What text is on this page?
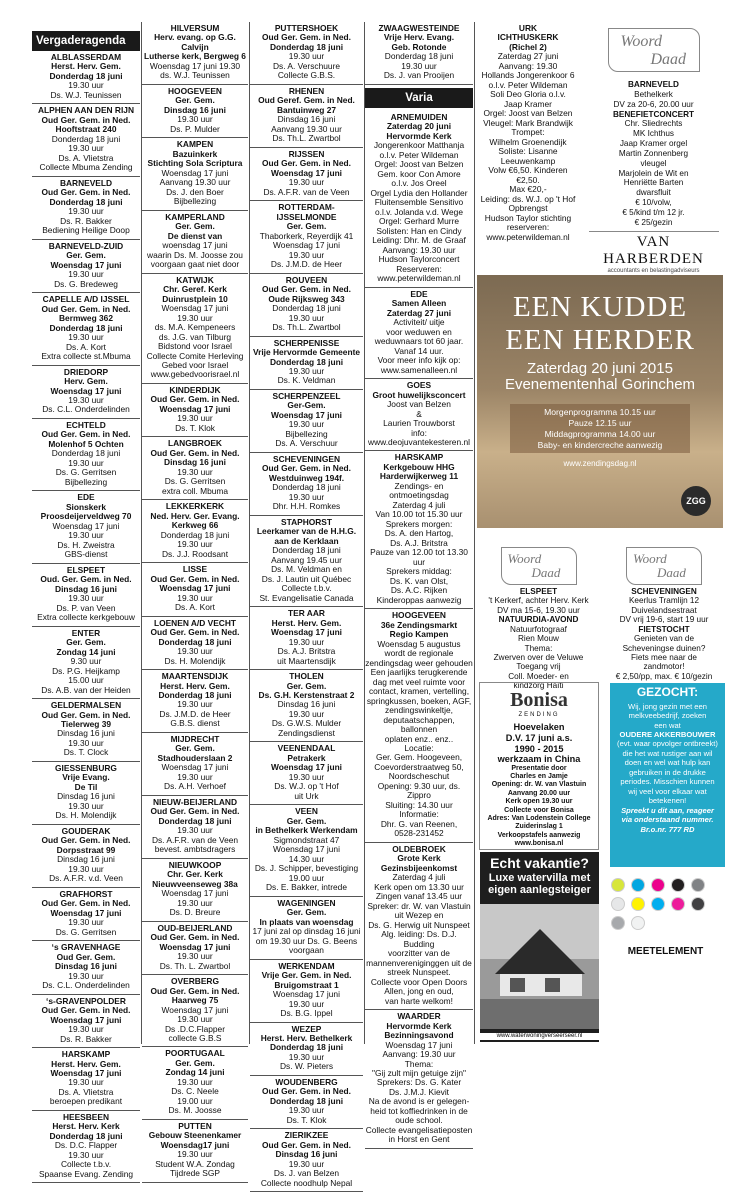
Vergaderagenda
ALBLASSERDAM
Herst. Herv. Gem.
Donderdag 18 juni
19.30 uur
Ds. W.J. Teunissen
ALPHEN AAN DEN RIJN
Oud Ger. Gem. in Ned.
Hooftstraat 240
Donderdag 18 juni
19.30 uur
Ds. A. Vlietstra
Collecte Mbuma Zending
BARNEVELD
Oud Ger. Gem. in Ned.
Donderdag 18 juni
19.30 uur
Ds. R. Bakker
Bediening Heilige Doop
BARNEVELD-ZUID
Ger. Gem.
Woensdag 17 juni
19.30 uur
Ds. G. Bredeweg
CAPELLE A/D IJSSEL
Oud Ger. Gem. in Ned.
Bermweg 362
Donderdag 18 juni
19.30 uur
Ds. A. Kort
Extra collecte st.Mbuma
DRIEDORP
Herv. Gem.
Woensdag 17 juni
19.30 uur
Ds. C.L. Onderdelinden
ECHTELD
Oud Ger. Gem. in Ned.
Molenhof 5 Ochten
Donderdag 18 juni
19.30 uur
Ds. G. Gerritsen
Bijbellezing
EDE
Sionskerk
Proosdeijerveldweg 70
Woensdag 17 juni
19.30 uur
Ds. H. Zweistra
GBS-dienst
ELSPEET
Oud. Ger. Gem. in Ned.
Dinsdag 16 juni
19.30 uur
Ds. P. van Veen
Extra collecte kerkgebouw
ENTER
Ger. Gem.
Zondag 14 juni
9.30 uur
Ds. P.G. Heijkamp
15.00 uur
Ds. A.B. van der Heiden
GELDERMALSEN
Oud Ger. Gem. in Ned.
Tielerweg 39
Dinsdag 16 juni
19.30 uur
Ds. T. Clock
GIESSENBURG
Vrije Evang.
De Til
Dinsdag 16 juni
19.30 uur
Ds. H. Molendijk
GOUDERAK
Oud Ger. Gem. in Ned.
Dorpsstraat 99
Dinsdag 16 juni
19.30 uur
Ds. A.F.R. v.d. Veen
GRAFHORST
Oud Ger. Gem. in Ned.
Woensdag 17 juni
19.30 uur
Ds. G. Gerritsen
‘s GRAVENHAGE
Oud Ger. Gem.
Dinsdag 16 juni
19.30 uur
Ds. C.L. Onderdelinden
‘s-GRAVENPOLDER
Oud Ger. Gem. in Ned.
Woensdag 17 juni
19.30 uur
Ds. R. Bakker
HARSKAMP
Herst. Herv. Gem.
Woensdag 17 juni
19.30 uur
Ds. A. Vlietstra
beroepen predikant
HEESBEEN
Herst. Herv. Kerk
Donderdag 18 juni
Ds. D.C. Flapper
19.30 uur
Collecte t.b.v.
Spaanse Evang. Zending
HILVERSUM
Herv. evang. op G.G. Calvijn
Lutherse kerk, Bergweg 6
Woensdag 17 juni 19.30
ds. W.J. Teunissen
HOOGEVEEN
Ger. Gem.
Dinsdag 16 juni
19.30 uur
Ds. P. Mulder
KAMPEN
Bazuinkerk
Stichting Sola Scriptura
Woensdag 17 juni
Aanvang 19.30 uur
Ds. J. den Boer
Bijbellezing
KAMPERLAND
Ger. Gem.
De dienst van
woensdag 17 juni
waarin Ds. M. Joosse zou
voorgaan gaat niet door
KATWIJK
Chr. Geref. Kerk
Duinrustplein 10
Woensdag 17 juni
19.30 uur
ds. M.A. Kempeneers
ds. J.G. van Tilburg
Bidstond voor Israel
Collecte Comite Herleving
Gebed voor Israel
www.gebedvoorisrael.nl
KINDERDIJK
Oud Ger. Gem. in Ned.
Woensdag 17 juni
19.30 uur
Ds. T. Klok
LANGBROEK
Oud Ger. Gem. in Ned.
Dinsdag 16 juni
19.30 uur
Ds. G. Gerritsen
extra coll. Mbuma
LEKKERKERK
Ned. Herv. Ger. Evang.
Kerkweg 66
Donderdag 18 juni
19.30 uur
Ds. J.J. Roodsant
LISSE
Oud Ger. Gem. in Ned.
Woensdag 17 juni
19.30 uur
Ds. A. Kort
LOENEN A/D VECHT
Oud Ger. Gem. in Ned.
Donderdag 18 juni
19.30 uur
Ds. H. Molendijk
MAARTENSDIJK
Herst. Herv. Gem.
Donderdag 18 juni
19.30 uur
Ds. J.M.D. de Heer
G.B.S. dienst
MIJDRECHT
Ger. Gem.
Stadhouderslaan 2
Woensdag 17 juni
19.30 uur
Ds. A.H. Verhoef
NIEUW-BEIJERLAND
Oud Ger. Gem. in Ned.
Donderdag 18 juni
19.30 uur
Ds. A.F.R. van de Veen
bevest. ambtsdragers
NIEUWKOOP
Chr. Ger. Kerk
Nieuwveenseweg 38a
Woensdag 17 juni
19.30 uur
Ds. D. Breure
OUD-BEIJERLAND
Oud Ger. Gem. in Ned.
Woensdag 17 juni
19.30 uur
Ds. Th. L. Zwartbol
OVERBERG
Oud Ger. Gem. in Ned.
Haarweg 75
Woensdag 17 juni
19.30 uur
Ds .D.C.Flapper
collecte G.B.S
POORTUGAAL
Ger. Gem.
Zondag 14 juni
19.30 uur
Ds. C. Neele
19.00 uur
Ds. M. Joosse
PUTTEN
Gebouw Steenenkamer
Woensdag17 juni
19.30 uur
Student W.A. Zondag
Tijdrede SGP
PUTTERSHOEK
Oud Ger. Gem. in Ned.
Donderdag 18 juni
19.30 uur
Ds. A. Verschuure
Collecte G.B.S.
RHENEN
Oud Geref. Gem. in Ned.
Bantuinweg 27
Dinsdag 16 juni
Aanvang 19.30 uur
Ds. Th.L. Zwartbol
RIJSSEN
Oud Ger. Gem. in Ned.
Woensdag 17 juni
19.30 uur
Ds. A.F.R. van de Veen
ROTTERDAM-
IJSSELMONDE
Ger. Gem.
Thaborkerk, Reyerdijk 41
Woensdag 17 juni
19.30 uur
Ds. J.M.D. de Heer
ROUVEEN
Oud Ger. Gem. in Ned.
Oude Rijksweg 343
Donderdag 18 juni
19.30 uur
Ds. Th.L. Zwartbol
SCHERPENISSE
Vrije Hervormde Gemeente
Donderdag 18 juni
19.30 uur
Ds. K. Veldman
SCHERPENZEEL
Ger-Gem.
Woensdag 17 juni
19.30 uur
Bijbellezing
Ds. A. Verschuur
SCHEVENINGEN
Oud Ger. Gem. in Ned.
Westduinweg 194f.
Donderdag 18 juni
19.30 uur
Dhr. H.H. Romkes
STAPHORST
Leerkamer van de H.H.G.
aan de Kerklaan
Donderdag 18 juni
Aanvang 19.45 uur
Ds. M. Veldman en
Ds. J. Lautin uit Québec
Collecte t.b.v.
St. Evangelisatie Canada
TER AAR
Herst. Herv. Gem.
Woensdag 17 juni
19.30 uur
Ds. A.J. Britstra
uit Maartensdijk
THOLEN
Ger. Gem.
Ds. G.H. Kerstenstraat 2
Dinsdag 16 juni
19.30 uur
Ds. G.W.S. Mulder
Zendingsdienst
VEENENDAAL
Petrakerk
Woensdag 17 juni
19.30 uur
Ds. W.J. op 't Hof
uit Urk
VEEN
Ger. Gem.
in Bethelkerk Werkendam
Sigmondstraat 47
Woensdag 17 juni
14.30 uur
Ds. J. Schipper, bevestiging
19.00 uur
Ds. E. Bakker, intrede
WAGENINGEN
Ger. Gem.
In plaats van woensdag
17 juni zal op dinsdag 16 juni
om 19.30 uur Ds. G. Beens
voorgaan
WERKENDAM
Vrije Ger. Gem. in Ned.
Bruigomstraat 1
Woensdag 17 juni
19.30 uur
Ds. B.G. Ippel
WEZEP
Herst. Herv. Bethelkerk
Donderdag 18 juni
19.30 uur
Ds. W. Pieters
WOUDENBERG
Oud Ger. Gem. in Ned.
Donderdag 18 juni
19.30 uur
Ds. T. Klok
ZIERIKZEE
Oud Ger. Gem. in Ned.
Dinsdag 16 juni
19.30 uur
Ds. J. van Belzen
Collecte noodhulp Nepal
ZWAAGWESTEINDE
Vrije Herv. Evang.
Geb. Rotonde
Donderdag 18 juni
19.30 uur
Ds. J. van Prooijen
Varia
ARNEMUIDEN
Zaterdag 20 juni
Hervormde Kerk
Jongerenkoor Matthanja
o.l.v. Peter Wildeman
Orgel: Joost van Belzen
Gem. koor Con Amore
o.l.v. Jos Oreel
Orgel Lydia den Hollander
Fluitensemble Sensitivo
o.l.v. Jolanda v.d. Wege
Orgel: Gerhard Murre
Solisten: Han en Cindy
Leiding: Dhr. M. de Graaf
Aanvang: 19.30 uur
Hudson Taylorconcert
Reserveren:
www.peterwildeman.nl
EDE
Samen Alleen
Zaterdag 27 juni
Activiteit/ uitje
voor weduwen en
weduwnaars tot 60 jaar.
Vanaf 14 uur.
Voor meer info kijk op:
www.samenalleen.nl
GOES
Groot huwelijksconcert
Joost van Belzen
&
Laurien Trouwborst
info:
www.deojuvantekesteren.nl
HARSKAMP
Kerkgebouw HHG
Harderwijkerweg 11
Zendings- en ontmoetingsdag
Zaterdag 4 juli
Van 10.00 tot 15.30 uur
Sprekers morgen:
Ds. A. den Hartog,
Ds. A.J. Britstra
Pauze van 12.00 tot 13.30 uur
Sprekers middag:
Ds. K. van Olst,
Ds. A.C. Rijken
Kinderoppas aanwezig
HOOGEVEEN
36e Zendingsmarkt
Regio Kampen
Woensdag 5 augustus
wordt de regionale
zendingsdag weer gehouden
Een jaarlijks terugkerende
dag met veel ruimte voor
contact, kramen, vertelling,
springkussen, boeken, AGF,
zendingswinkeltje,
deputaatschappen, ballonnen
oplaten enz.. enz..
Locatie:
Ger. Gem. Hoogeveen,
Coevorderstraatweg 50,
Noordscheschut
Opening: 9.30 uur, ds. Zippro
Sluiting: 14.30 uur
Informatie:
Dhr. G. van Reenen,
0528-231452
OLDEBROEK
Grote Kerk
Gezinsbijeenkomst
Zaterdag 4 juli
Kerk open om 13.30 uur
Zingen vanaf 13.45 uur
Spreker: dr. W. van Vlastuin
uit Wezep en
Ds. G. Herwig uit Nunspeet
Alg. leiding: Ds. D.J. Budding
voorzitter van de
mannenvereniginggen uit de
streek Nunspeet.
Collecte voor Open Doors
Allen, jong en oud,
van harte welkom!
WAARDER
Hervormde Kerk
Bezinningsavond
Woensdag 17 juni
Aanvang: 19.30 uur
Thema:
"Gij zult mijn getuige zijn"
Sprekers: Ds. G. Kater
Ds. J.M.J. Kievit
Na de avond is er gelegen-
heid tot koffiedrinken in de
oude school.
Collecte evangelisatieposten
in Horst en Gent
URK
ICHTHUSKERK
(Richel 2)
Zaterdag 27 juni
Aanvang: 19.30
Hollands Jongerenkoor 6
o.l.v. Peter Wildeman
Soli Deo Gloria o.l.v.
Jaap Kramer
Orgel: Joost van Belzen
Vleugel: Mark Brandwijk
Trompet:
Wilhelm Groenendijk
Soliste: Lisanne
Leeuwenkamp
Volw €6,50. Kinderen €2,50.
Max €20,-
Leiding: ds. W.J. op 't Hof
Opbrengst
Hudson Taylor stichting
reserveren:
www.peterwildeman.nl
Woord
Daad
BARNEVELD
Bethelkerk
DV za 20-6, 20.00 uur
BENEFIETCONCERT
Chr. Sliedrechts
MK Ichthus
Jaap Kramer orgel
Martin Zonnenberg
vleugel
Marjolein de Wit en
Henriëtte Barten
dwarsfluit
€ 10/volw,
€ 5/kind t/m 12 jr.
€ 25/gezin
VAN HARBERDEN
accountants en belastingadviseurs
EEN KUDDE
EEN HERDER
Zaterdag 20 juni 2015
Evenementenhal Gorinchem
Morgenprogramma 10.15 uur
Pauze 12.15 uur
Middagprogramma 14.00 uur
Baby- en kindercreche aanwezig
www.zendingsdag.nl
ZGG
Woord
Daad
ELSPEET
't Kerkerf, achter Herv. Kerk
DV ma 15-6, 19.30 uur
NATUURDIA-AVOND
Natuurfotograaf
Rien Mouw
Thema:
Zwerven over de Veluwe
Toegang vrij
Coll. Moeder- en
kindzorg Haïti
Woord
Daad
SCHEVENINGEN
Keerlus Tramlijn 12
Duivelandsestraat
DV vrij 19-6, start 19 uur
FIETSTOCHT
Genieten van de
Scheveningse duinen?
Fiets mee naar de
zandmotor!
€ 2,50/pp, max. € 10/gezin
Bonisa
ZENDING
Hoevelaken
D.V. 17 juni a.s.
1990 - 2015
werkzaam in China
Presentatie door
Charles en Jamje
Opening: dr. W. van Vlastuin
Aanvang 20.00 uur
Kerk open 19.30 uur
Collecte voor Bonisa
Adres: Van Lodenstein College
Zuiderinslag 1
Verkoopstafels aanwezig
www.bonisa.nl
GEZOCHT:
Wij, jong gezin met een
melkveebedrijf, zoeken
een wat
OUDERE AKKERBOUWER
(evt. waar opvolger ontbreekt)
die het wat rustiger aan wil
doen en wel wat hulp kan
gebruiken in de drukke
periodes. Misschien kunnen
wij veel voor elkaar wat
betekenen!
Spreekt u dit aan, reageer
via onderstaand nummer.
Br.o.nr. 777 RD
Echt vakantie?
Luxe watervilla met
eigen aanlegsteiger
www.waterwoningverseerseer.nl
MEETELEMENT
